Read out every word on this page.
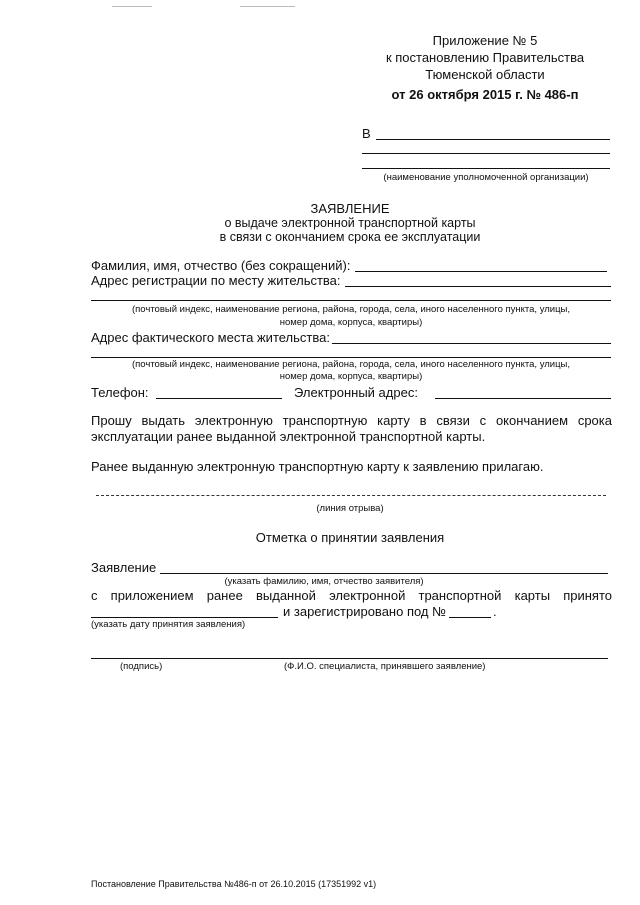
Приложение № 5
к постановлению Правительства
Тюменской области
от 26 октября 2015 г. № 486-п
В
(наименование уполномоченной организации)
ЗАЯВЛЕНИЕ
о выдаче электронной транспортной карты
в связи с окончанием срока ее эксплуатации
Фамилия, имя, отчество (без сокращений):
Адрес регистрации по месту жительства:
(почтовый индекс, наименование региона, района, города, села, иного населенного пункта, улицы,
номер дома, корпуса, квартиры)
Адрес фактического места жительства:
(почтовый индекс, наименование региона, района, города, села, иного населенного пункта, улицы,
номер дома, корпуса, квартиры)
Телефон:	Электронный адрес:
Прошу выдать электронную транспортную карту в связи с окончанием срока
эксплуатации ранее выданной электронной транспортной карты.
Ранее выданную электронную транспортную карту к заявлению прилагаю.
(линия отрыва)
Отметка о принятии заявления
Заявление
(указать фамилию, имя, отчество заявителя)
с приложением ранее выданной электронной транспортной карты принято
и зарегистрировано под №	.
(указать дату принятия заявления)
(подпись)	(Ф.И.О. специалиста, принявшего заявление)
Постановление Правительства №486-п от 26.10.2015 (17351992 v1)
